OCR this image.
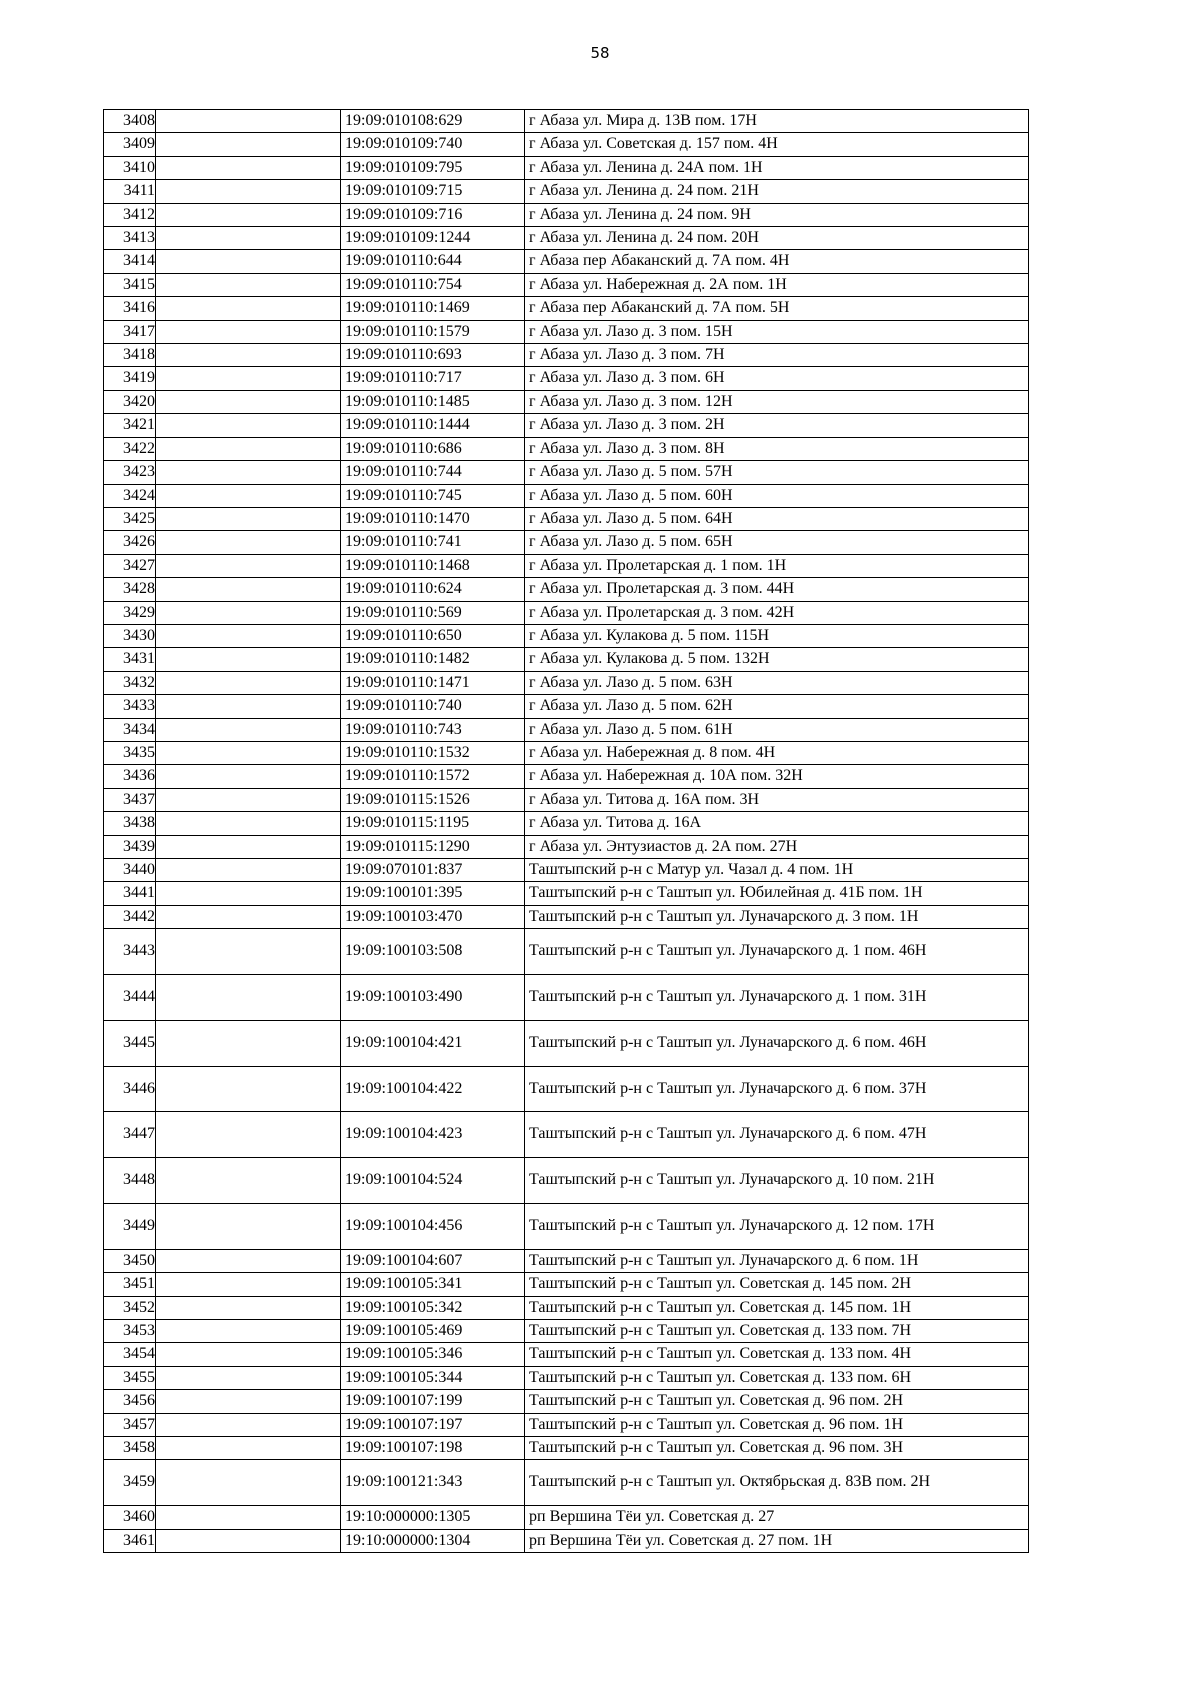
58
3408		19:09:010108:629	г Абаза ул. Мира д. 13В пом. 17Н
3409		19:09:010109:740	г Абаза ул. Советская д. 157 пом. 4Н
3410		19:09:010109:795	г Абаза ул. Ленина д. 24А пом. 1Н
3411		19:09:010109:715	г Абаза ул. Ленина д. 24 пом. 21Н
3412		19:09:010109:716	г Абаза ул. Ленина д. 24 пом. 9Н
3413		19:09:010109:1244	г Абаза ул. Ленина д. 24 пом. 20Н
3414		19:09:010110:644	г Абаза пер Абаканский д. 7А пом. 4Н
3415		19:09:010110:754	г Абаза ул. Набережная д. 2А пом. 1Н
3416		19:09:010110:1469	г Абаза пер Абаканский д. 7А пом. 5Н
3417		19:09:010110:1579	г Абаза ул. Лазо д. 3 пом. 15Н
3418		19:09:010110:693	г Абаза ул. Лазо д. 3 пом. 7Н
3419		19:09:010110:717	г Абаза ул. Лазо д. 3 пом. 6Н
3420		19:09:010110:1485	г Абаза ул. Лазо д. 3 пом. 12Н
3421		19:09:010110:1444	г Абаза ул. Лазо д. 3 пом. 2Н
3422		19:09:010110:686	г Абаза ул. Лазо д. 3 пом. 8Н
3423		19:09:010110:744	г Абаза ул. Лазо д. 5 пом. 57Н
3424		19:09:010110:745	г Абаза ул. Лазо д. 5 пом. 60Н
3425		19:09:010110:1470	г Абаза ул. Лазо д. 5 пом. 64Н
3426		19:09:010110:741	г Абаза ул. Лазо д. 5 пом. 65Н
3427		19:09:010110:1468	г Абаза ул. Пролетарская д. 1 пом. 1Н
3428		19:09:010110:624	г Абаза ул. Пролетарская д. 3 пом. 44Н
3429		19:09:010110:569	г Абаза ул. Пролетарская д. 3 пом. 42Н
3430		19:09:010110:650	г Абаза ул. Кулакова д. 5 пом. 115Н
3431		19:09:010110:1482	г Абаза ул. Кулакова д. 5 пом. 132Н
3432		19:09:010110:1471	г Абаза ул. Лазо д. 5 пом. 63Н
3433		19:09:010110:740	г Абаза ул. Лазо д. 5 пом. 62Н
3434		19:09:010110:743	г Абаза ул. Лазо д. 5 пом. 61Н
3435		19:09:010110:1532	г Абаза ул. Набережная д. 8 пом. 4Н
3436		19:09:010110:1572	г Абаза ул. Набережная д. 10А пом. 32Н
3437		19:09:010115:1526	г Абаза ул. Титова д. 16А пом. 3Н
3438		19:09:010115:1195	г Абаза ул. Титова д. 16А
3439		19:09:010115:1290	г Абаза ул. Энтузиастов д. 2А пом. 27Н
3440		19:09:070101:837	Таштыпский р-н с Матур ул. Чазал д. 4 пом. 1Н
3441		19:09:100101:395	Таштыпский р-н с Таштып ул. Юбилейная д. 41Б пом. 1Н
3442		19:09:100103:470	Таштыпский р-н с Таштып ул. Луначарского д. 3 пом. 1Н
3443		19:09:100103:508	Таштыпский р-н с Таштып ул. Луначарского д. 1 пом. 46Н
3444		19:09:100103:490	Таштыпский р-н с Таштып ул. Луначарского д. 1 пом. 31Н
3445		19:09:100104:421	Таштыпский р-н с Таштып ул. Луначарского д. 6 пом. 46Н
3446		19:09:100104:422	Таштыпский р-н с Таштып ул. Луначарского д. 6 пом. 37Н
3447		19:09:100104:423	Таштыпский р-н с Таштып ул. Луначарского д. 6 пом. 47Н
3448		19:09:100104:524	Таштыпский р-н с Таштып ул. Луначарского д. 10 пом. 21Н
3449		19:09:100104:456	Таштыпский р-н с Таштып ул. Луначарского д. 12 пом. 17Н
3450		19:09:100104:607	Таштыпский р-н с Таштып ул. Луначарского д. 6 пом. 1Н
3451		19:09:100105:341	Таштыпский р-н с Таштып ул. Советская д. 145 пом. 2Н
3452		19:09:100105:342	Таштыпский р-н с Таштып ул. Советская д. 145 пом. 1Н
3453		19:09:100105:469	Таштыпский р-н с Таштып ул. Советская д. 133 пом. 7Н
3454		19:09:100105:346	Таштыпский р-н с Таштып ул. Советская д. 133 пом. 4Н
3455		19:09:100105:344	Таштыпский р-н с Таштып ул. Советская д. 133 пом. 6Н
3456		19:09:100107:199	Таштыпский р-н с Таштып ул. Советская д. 96 пом. 2Н
3457		19:09:100107:197	Таштыпский р-н с Таштып ул. Советская д. 96 пом. 1Н
3458		19:09:100107:198	Таштыпский р-н с Таштып ул. Советская д. 96 пом. 3Н
3459		19:09:100121:343	Таштыпский р-н с Таштып ул. Октябрьская д. 83В пом. 2Н
3460		19:10:000000:1305	рп Вершина Тёи ул. Советская д. 27
3461		19:10:000000:1304	рп Вершина Тёи ул. Советская д. 27 пом. 1Н
